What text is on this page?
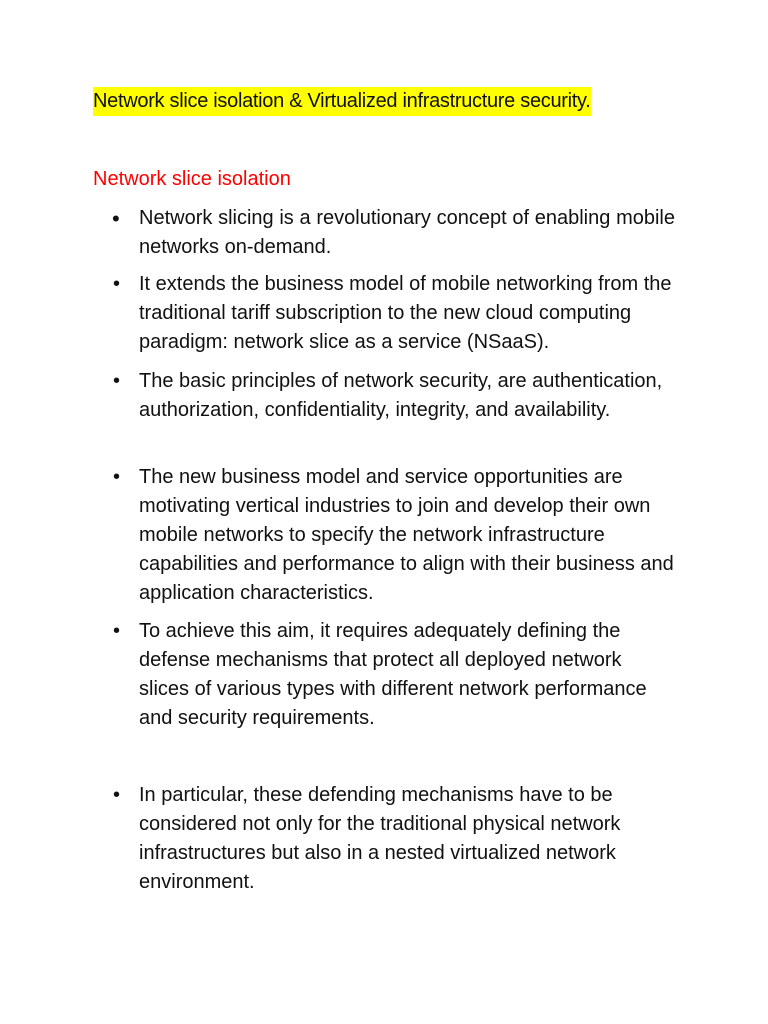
Network slice isolation & Virtualized infrastructure security.
Network slice isolation
• Network slicing is a revolutionary concept of enabling mobile networks on-demand.
• It extends the business model of mobile networking from the traditional tariff subscription to the new cloud computing paradigm: network slice as a service (NSaaS).
• The basic principles of network security, are authentication, authorization, confidentiality, integrity, and availability.
• The new business model and service opportunities are motivating vertical industries to join and develop their own mobile networks to specify the network infrastructure capabilities and performance to align with their business and application characteristics.
• To achieve this aim, it requires adequately defining the defense mechanisms that protect all deployed network slices of various types with different network performance and security requirements.
• In particular, these defending mechanisms have to be considered not only for the traditional physical network infrastructures but also in a nested virtualized network environment.
